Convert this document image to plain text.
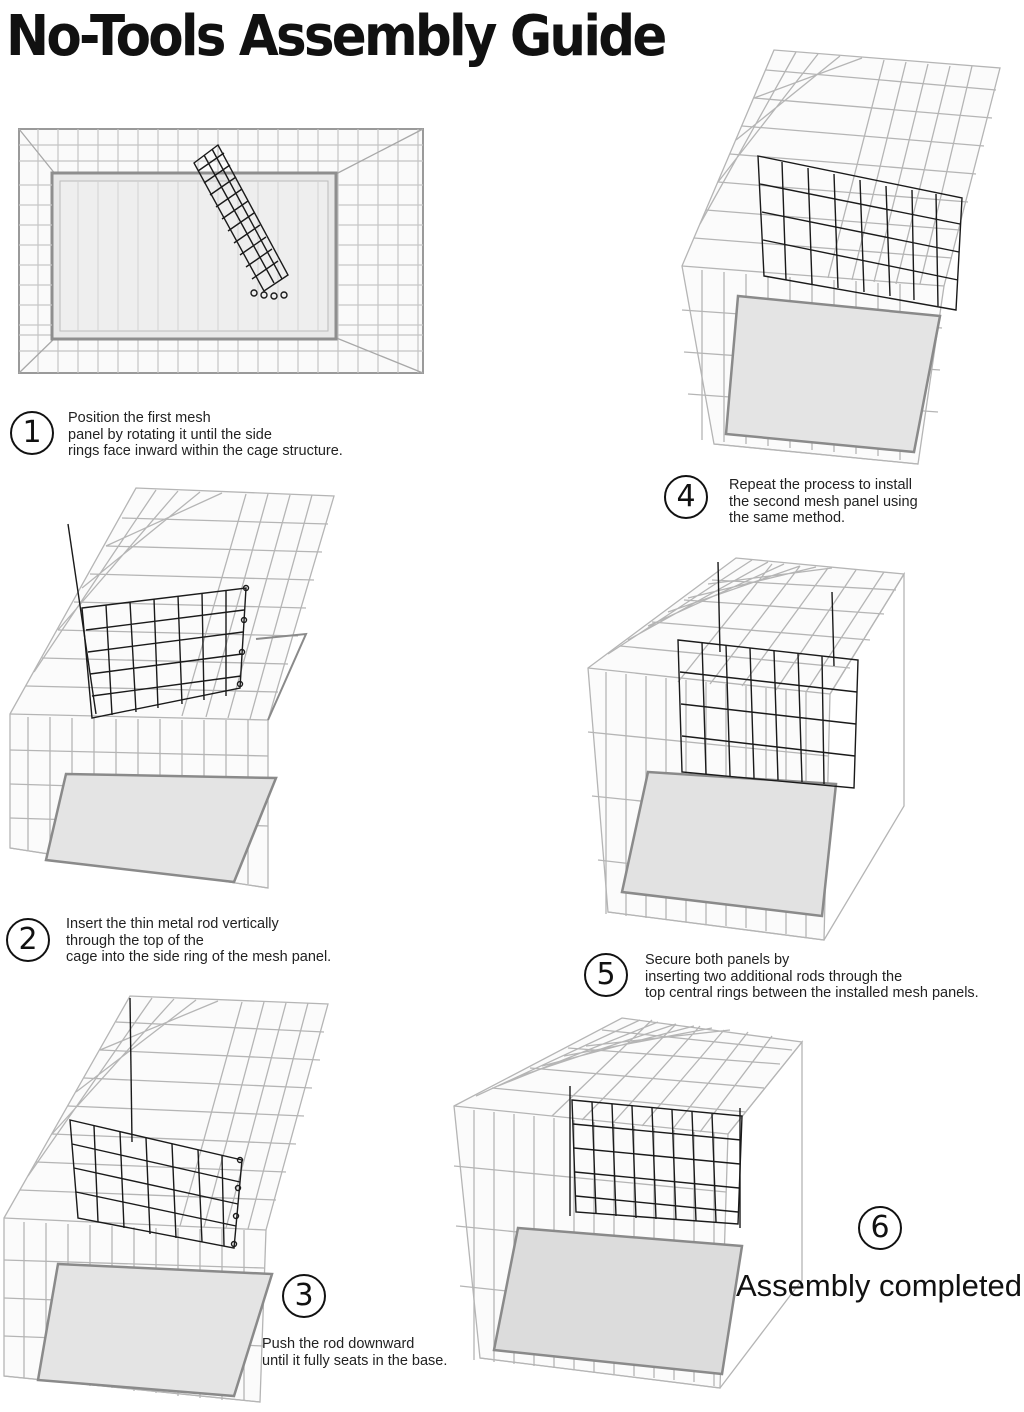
No-Tools Assembly Guide
1	Position the first mesh
panel by rotating it until the side
rings face inward within the cage structure.

2	Insert the thin metal rod vertically
through the top of the
cage into the side ring of the mesh panel.

3

Push the rod downward
until it fully seats in the base.

4	Repeat the process to install
the second mesh panel using
the same method.

5	Secure both panels by
inserting two additional rods through the
top central rings between the installed mesh panels.

6
Assembly completed
